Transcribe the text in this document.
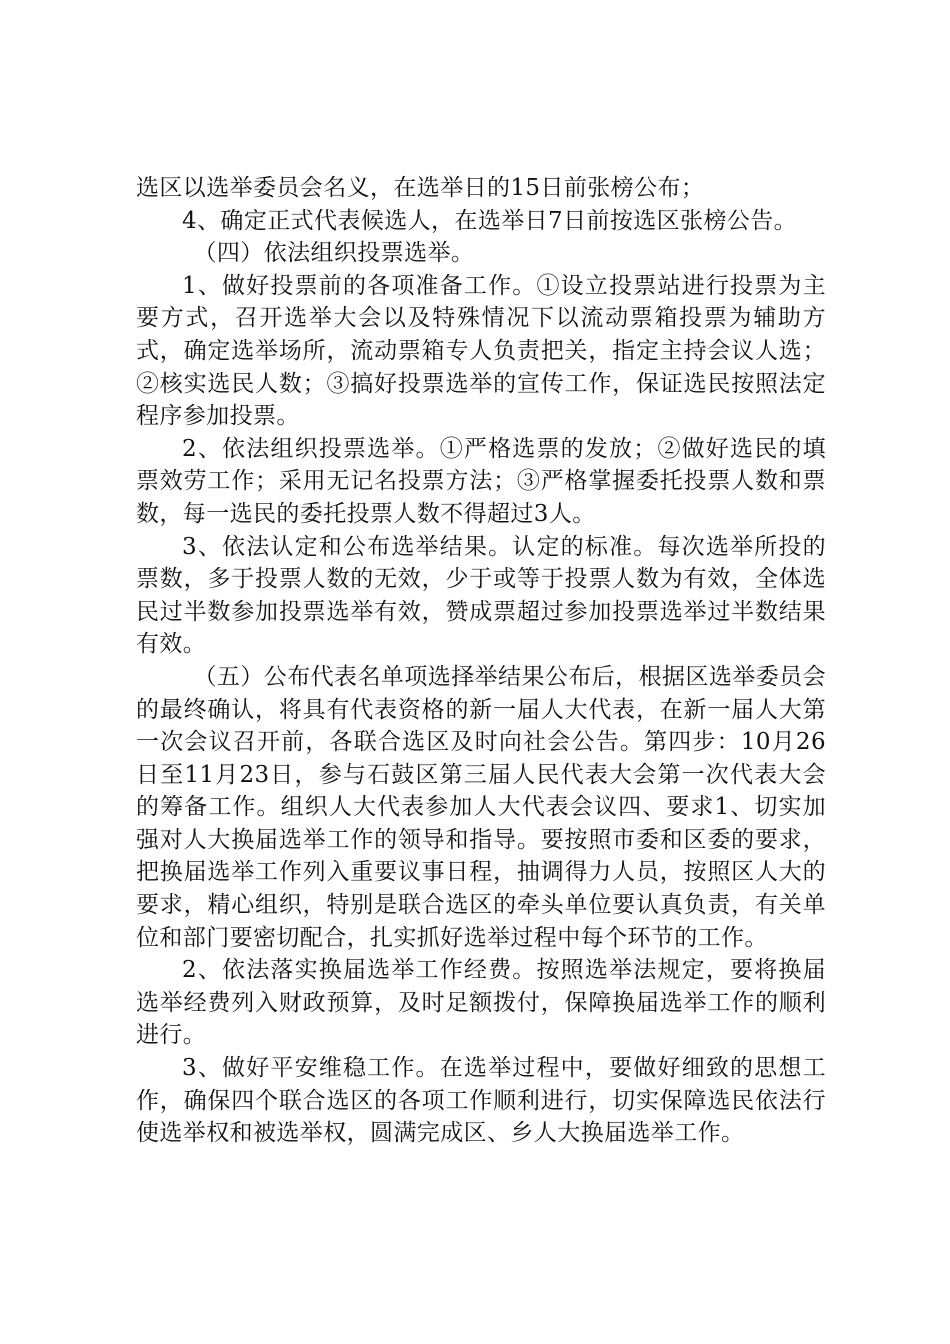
选区以选举委员会名义，在选举日的15日前张榜公布；

4、确定正式代表候选人，在选举日7日前按选区张榜公告。

（四）依法组织投票选举。

1、做好投票前的各项准备工作。①设立投票站进行投票为主要方式，召开选举大会以及特殊情况下以流动票箱投票为辅助方式，确定选举场所，流动票箱专人负责把关，指定主持会议人选；②核实选民人数；③搞好投票选举的宣传工作，保证选民按照法定程序参加投票。

2、依法组织投票选举。①严格选票的发放；②做好选民的填票效劳工作；采用无记名投票方法；③严格掌握委托投票人数和票数，每一选民的委托投票人数不得超过3人。

3、依法认定和公布选举结果。认定的标准。每次选举所投的票数，多于投票人数的无效，少于或等于投票人数为有效，全体选民过半数参加投票选举有效，赞成票超过参加投票选举过半数结果有效。

（五）公布代表名单项选择举结果公布后，根据区选举委员会的最终确认，将具有代表资格的新一届人大代表，在新一届人大第一次会议召开前，各联合选区及时向社会公告。第四步：10月26日至11月23日，参与石鼓区第三届人民代表大会第一次代表大会的筹备工作。组织人大代表参加人大代表会议四、要求1、切实加强对人大换届选举工作的领导和指导。要按照市委和区委的要求，把换届选举工作列入重要议事日程，抽调得力人员，按照区人大的要求，精心组织，特别是联合选区的牵头单位要认真负责，有关单位和部门要密切配合，扎实抓好选举过程中每个环节的工作。

2、依法落实换届选举工作经费。按照选举法规定，要将换届选举经费列入财政预算，及时足额拨付，保障换届选举工作的顺利进行。

3、做好平安维稳工作。在选举过程中，要做好细致的思想工作，确保四个联合选区的各项工作顺利进行，切实保障选民依法行使选举权和被选举权，圆满完成区、乡人大换届选举工作。
